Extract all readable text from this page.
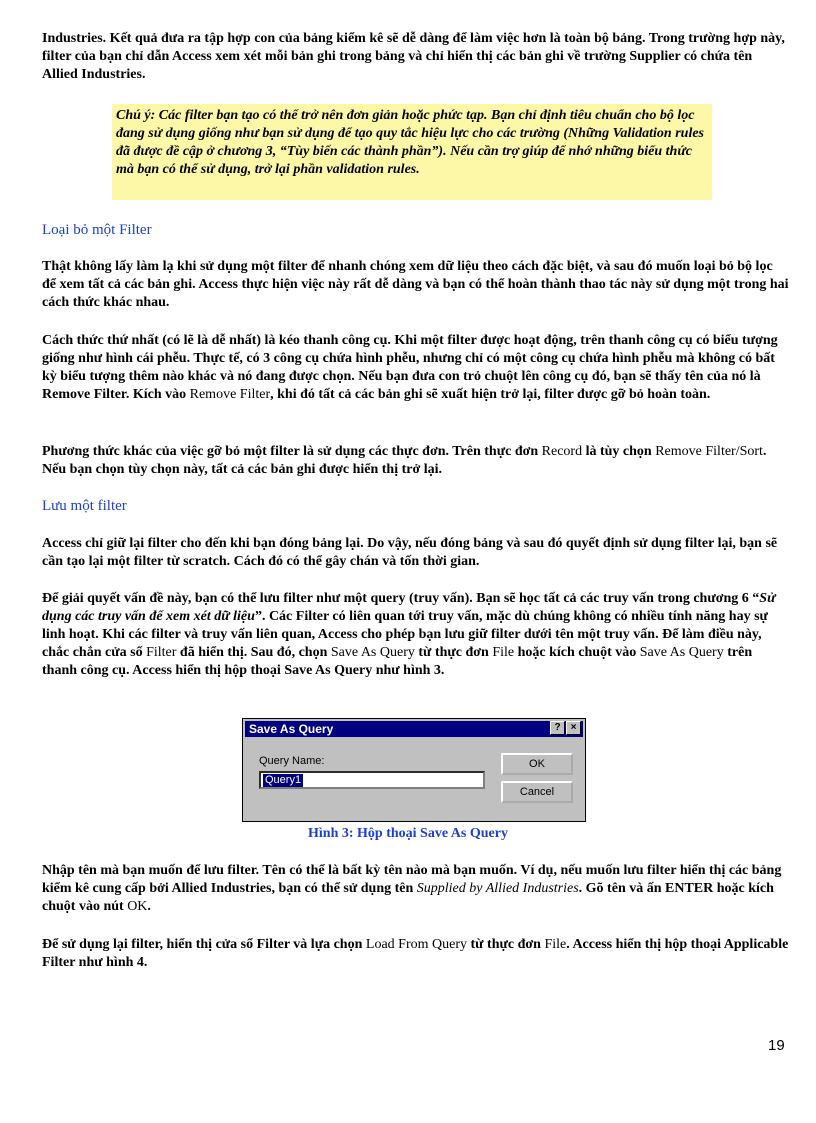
Industries. Kết quả đưa ra tập hợp con của bảng kiểm kê sẽ dễ dàng để làm việc hơn là toàn bộ bảng. Trong trường hợp này, filter của bạn chỉ dẫn Access xem xét mỗi bản ghi trong bảng và chỉ hiển thị các bản ghi về trường Supplier có chứa tên Allied Industries.

Chú ý: Các filter bạn tạo có thể trở nên đơn giản hoặc phức tạp. Bạn chỉ định tiêu chuẩn cho bộ lọc đang sử dụng giống như bạn sử dụng để tạo quy tắc hiệu lực cho các trường (Những Validation rules đã được đề cập ở chương 3, “Tùy biến các thành phần”). Nếu cần trợ giúp để nhớ những biểu thức mà bạn có thể sử dụng, trở lại phần validation rules.

Loại bỏ một Filter

Thật không lấy làm lạ khi sử dụng một filter để nhanh chóng xem dữ liệu theo cách đặc biệt, và sau đó muốn loại bỏ bộ lọc để xem tất cả các bản ghi. Access thực hiện việc này rất dễ dàng và bạn có thể hoàn thành thao tác này sử dụng một trong hai cách thức khác nhau.

Cách thức thứ nhất (có lẽ là dễ nhất) là kéo thanh công cụ. Khi một filter được hoạt động, trên thanh công cụ có biểu tượng giống như hình cái phễu. Thực tế, có 3 công cụ chứa hình phễu, nhưng chỉ có một công cụ chứa hình phễu mà không có bất kỳ biểu tượng thêm nào khác và nó đang được chọn. Nếu bạn đưa con trỏ chuột lên công cụ đó, bạn sẽ thấy tên của nó là Remove Filter. Kích vào Remove Filter, khi đó tất cả các bản ghi sẽ xuất hiện trở lại, filter được gỡ bỏ hoàn toàn.

Phương thức khác của việc gỡ bỏ một filter là sử dụng các thực đơn. Trên thực đơn Record là tùy chọn Remove Filter/Sort. Nếu bạn chọn tùy chọn này, tất cả các bản ghi được hiển thị trở lại.

Lưu một filter

Access chỉ giữ lại filter cho đến khi bạn đóng bảng lại. Do vậy, nếu đóng bảng và sau đó quyết định sử dụng filter lại, bạn sẽ cần tạo lại một filter từ scratch. Cách đó có thể gây chán và tốn thời gian.

Để giải quyết vấn đề này, bạn có thể lưu filter như một query (truy vấn). Bạn sẽ học tất cả các truy vấn trong chương 6 “Sử dụng các truy vấn để xem xét dữ liệu”. Các Filter có liên quan tới truy vấn, mặc dù chúng không có nhiều tính năng hay sự linh hoạt. Khi các filter và truy vấn liên quan, Access cho phép bạn lưu giữ filter dưới tên một truy vấn. Để làm điều này, chắc chắn cửa sổ Filter đã hiển thị. Sau đó, chọn Save As Query từ thực đơn File hoặc kích chuột vào Save As Query trên thanh công cụ. Access hiển thị hộp thoại Save As Query như hình 3.

Save As Query	?	×
Query Name:
Query1
OK
Cancel
Hình 3: Hộp thoại Save As Query

Nhập tên mà bạn muốn để lưu filter. Tên có thể là bất kỳ tên nào mà bạn muốn. Ví dụ, nếu muốn lưu filter hiển thị các bảng kiểm kê cung cấp bởi Allied Industries, bạn có thể sử dụng tên Supplied by Allied Industries. Gõ tên và ấn ENTER hoặc kích chuột vào nút OK.

Để sử dụng lại filter, hiển thị cửa sổ Filter và lựa chọn Load From Query từ thực đơn File. Access hiển thị hộp thoại Applicable Filter như hình 4.

19
